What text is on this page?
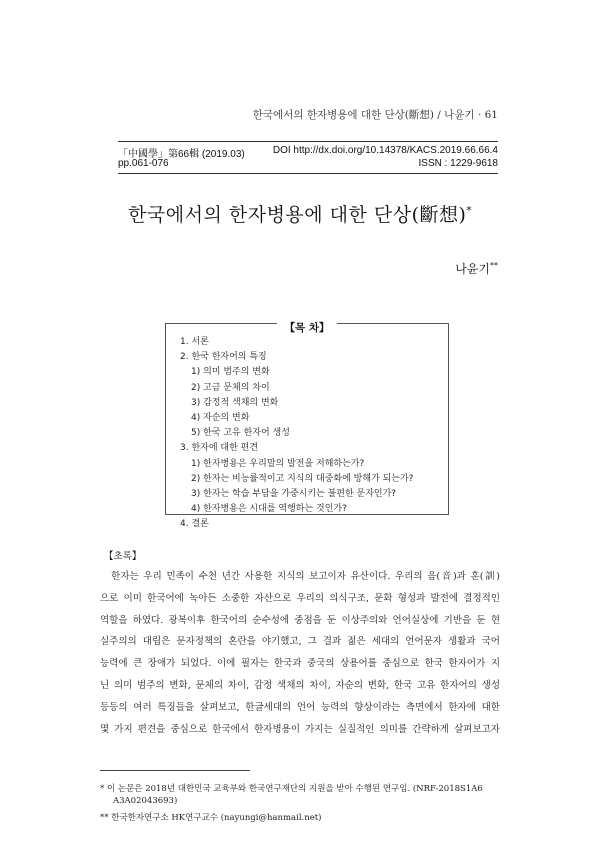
한국에서의 한자병용에 대한 단상(斷想) / 나윤기 · 61
「中國學」第66輯 (2019.03)	DOI http://dx.doi.org/10.14378/KACS.2019.66.66.4
pp.061-076	ISSN : 1229-9618
한국에서의 한자병용에 대한 단상(斷想)*
나윤기**
【목 차】
1. 서론
2. 한국 한자어의 특징
1) 의미 범주의 변화
2) 고금 문체의 차이
3) 감정적 색채의 변화
4) 자순의 변화
5) 한국 고유 한자어 생성
3. 한자에 대한 편견
1) 한자병용은 우리말의 발전을 저해하는가?
2) 한자는 비능률적이고 지식의 대중화에 방해가 되는가?
3) 한자는 학습 부담을 가중시키는 불편한 문자인가?
4) 한자병용은 시대를 역행하는 것인가?
4. 결론
【초록】
　한자는 우리 민족이 수천 년간 사용한 지식의 보고이자 유산이다. 우리의 음(音)과 훈(訓)
으로 이미 한국어에 녹아든 소중한 자산으로 우리의 의식구조, 문화 형성과 발전에 결정적인
역할을 하였다. 광복이후 한국어의 순수성에 중점을 둔 이상주의와 언어실상에 기반을 둔 현
실주의의 대립은 문자정책의 혼란을 야기했고, 그 결과 젊은 세대의 언어문자 생활과 국어
능력에 큰 장애가 되었다. 이에 필자는 한국과 중국의 상용어를 중심으로 한국 한자어가 지
닌 의미 범주의 변화, 문체의 차이, 감정 색채의 차이, 자순의 변화, 한국 고유 한자어의 생성
등등의 여러 특징들을 살펴보고, 한글세대의 언어 능력의 향상이라는 측면에서 한자에 대한
몇 가지 편견을 중심으로 한국에서 한자병용이 가지는 실질적인 의미를 간략하게 살펴보고자
* 이 논문은 2018년 대한민국 교육부와 한국연구재단의 지원을 받아 수행된 연구임. (NRF-2018S1A6
A3A02043693)
** 한국한자연구소 HK연구교수 (nayungi@hanmail.net)
